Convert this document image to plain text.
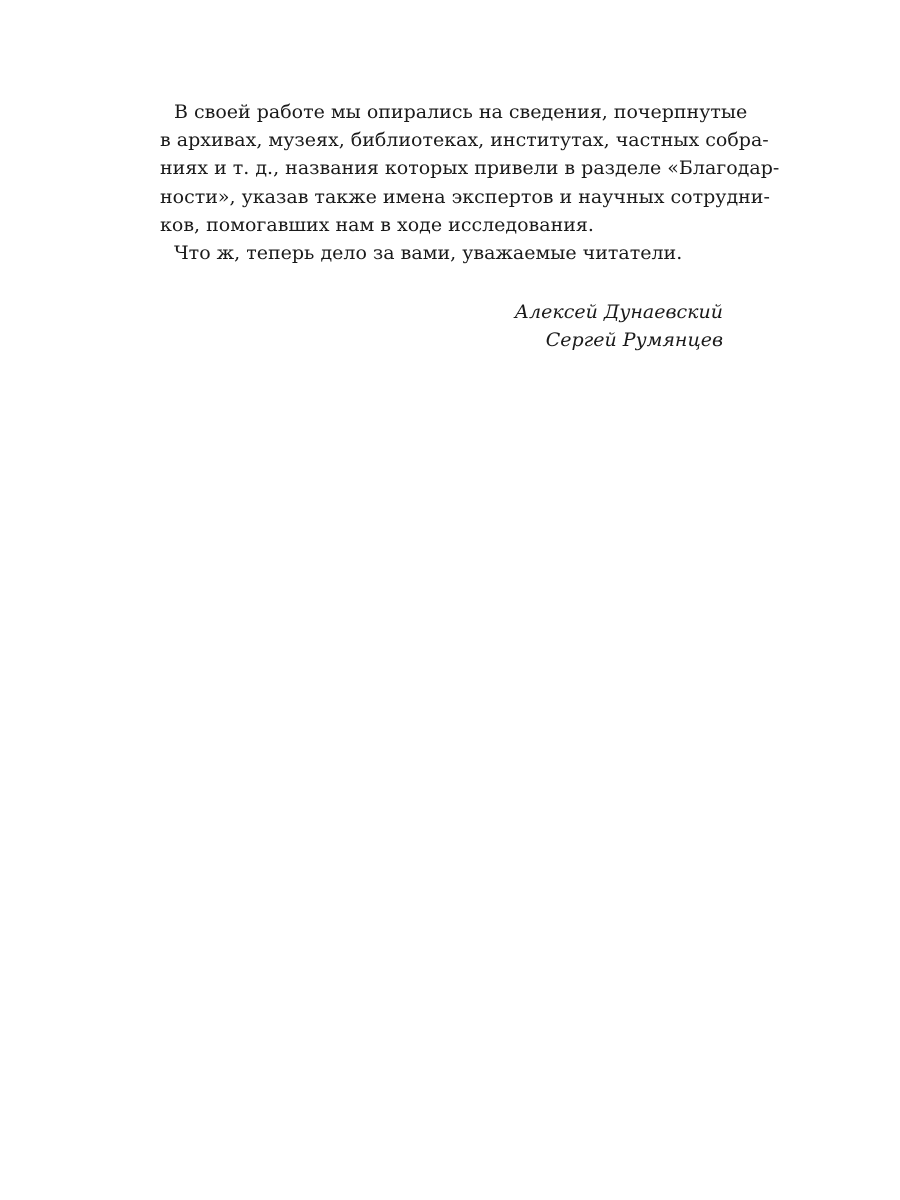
В своей работе мы опирались на сведения, почерпнутые
в архивах, музеях, библиотеках, институтах, частных собра-
ниях и т. д., названия которых привели в разделе «Благодар-
ности», указав также имена экспертов и научных сотрудни-
ков, помогавших нам в ходе исследования.
Что ж, теперь дело за вами, уважаемые читатели.
Алексей Дунаевский
Сергей Румянцев
